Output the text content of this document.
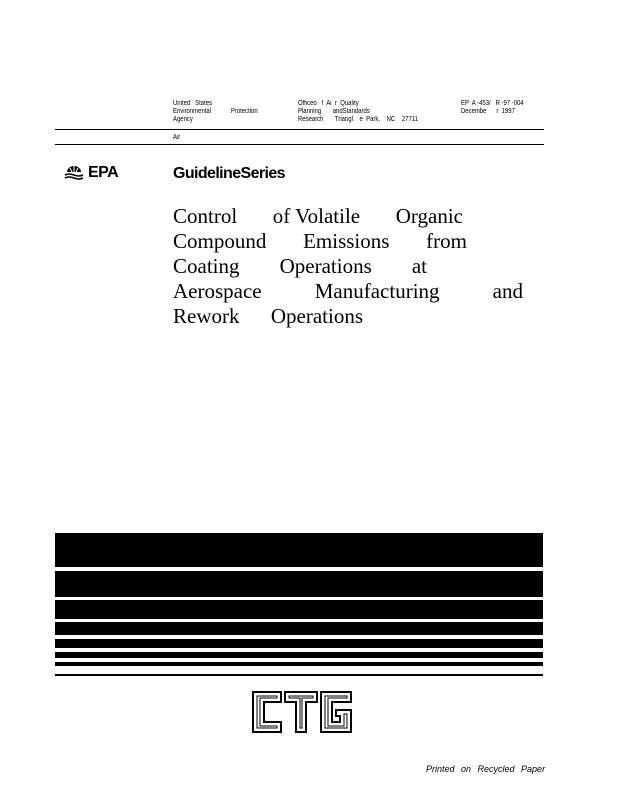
United   States
Environmental            Protection
Agency
Officeo   f  Ai  r  Quality
Planning       andStandards
Research       Triangl    e  Park,    NC    27711
EP  A -453/   R -97 -004
Decembe      r  1997
Air
EPA	GuidelineSeries
Control of Volatile Organic
Compound Emissions from
Coating Operations at
Aerospace	Manufacturing	and
Rework Operations
Printed on Recycled Paper
